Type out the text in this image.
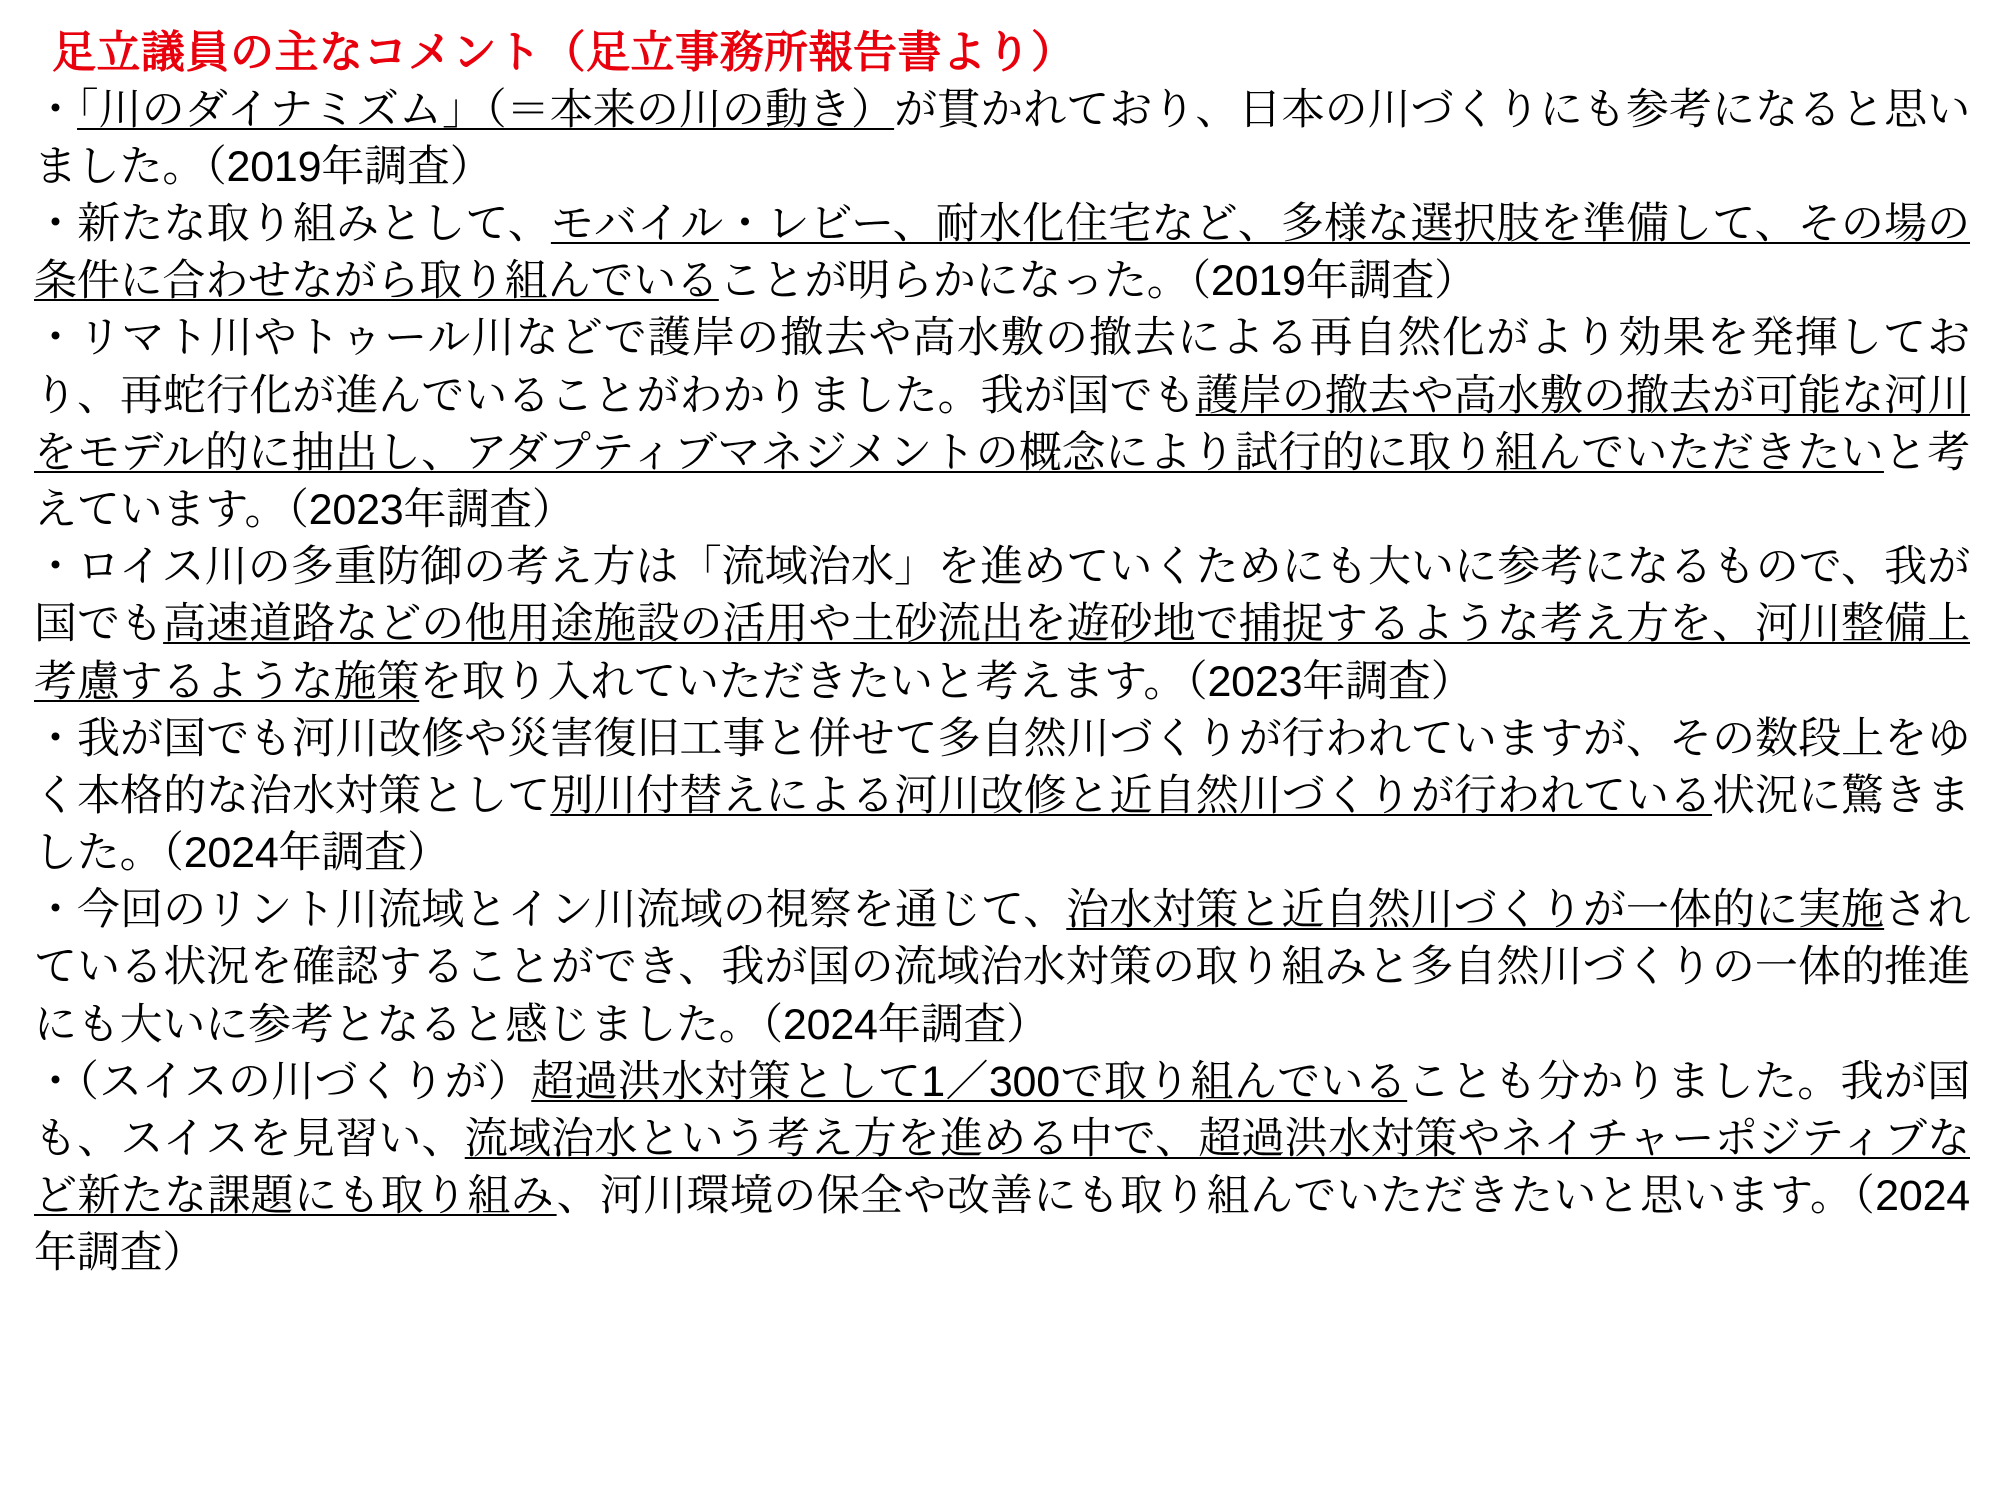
足立議員の主なコメント（足立事務所報告書より）
・「川のダイナミズム」（＝本来の川の動き）が貫かれており、日本の川づくりにも参考になると思いました。（2019年調査）
・新たな取り組みとして、モバイル・レビー、耐水化住宅など、多様な選択肢を準備して、その場の条件に合わせながら取り組んでいることが明らかになった。（2019年調査）
・リマト川やトゥール川などで護岸の撤去や高水敷の撤去による再自然化がより効果を発揮しており、再蛇行化が進んでいることがわかりました。我が国でも護岸の撤去や高水敷の撤去が可能な河川をモデル的に抽出し、アダプティブマネジメントの概念により試行的に取り組んでいただきたいと考えています。（2023年調査）
・ロイス川の多重防御の考え方は「流域治水」を進めていくためにも大いに参考になるもので、我が国でも高速道路などの他用途施設の活用や土砂流出を遊砂地で捕捉するような考え方を、河川整備上考慮するような施策を取り入れていただきたいと考えます。（2023年調査）
・我が国でも河川改修や災害復旧工事と併せて多自然川づくりが行われていますが、その数段上をゆく本格的な治水対策として別川付替えによる河川改修と近自然川づくりが行われている状況に驚きました。（2024年調査）
・今回のリント川流域とイン川流域の視察を通じて、治水対策と近自然川づくりが一体的に実施されている状況を確認することができ、我が国の流域治水対策の取り組みと多自然川づくりの一体的推進にも大いに参考となると感じました。（2024年調査）
・（スイスの川づくりが）超過洪水対策として1／300で取り組んでいることも分かりました。我が国も、スイスを見習い、流域治水という考え方を進める中で、超過洪水対策やネイチャーポジティブなど新たな課題にも取り組み、河川環境の保全や改善にも取り組んでいただきたいと思います。（2024年調査）
